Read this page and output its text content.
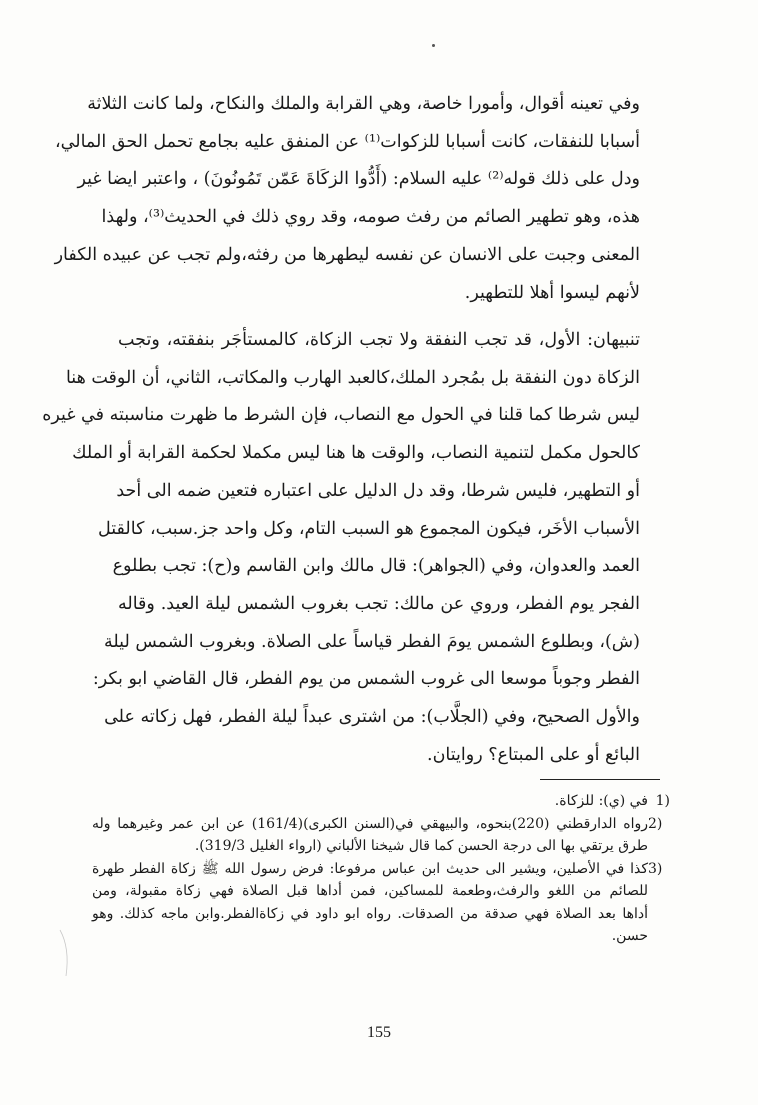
وفي تعينه أقوال، وأمورا خاصة، وهي القرابة والملك والنكاح، ولما كانت الثلاثة
أسبابا للنفقات، كانت أسبابا للزكوات⁽¹⁾ عن المنفق عليه بجامع تحمل الحق المالي،
ودل على ذلك قوله⁽²⁾ عليه السلام: (أَدُّوا الزكَاةَ عَمّن تَمُونُونَ) ، واعتبر ايضا غير
هذه، وهو تطهير الصائم من رفث صومه، وقد روي ذلك في الحديث⁽³⁾، ولهذا
المعنى وجبت على الانسان عن نفسه ليطهرها من رفثه،ولم تجب عن عبيده الكفار
لأنهم ليسوا أهلا للتطهير.
تنبيهان: الأول، قد تجب النفقة ولا تجب الزكاة، كالمستأجَر بنفقته، وتجب
الزكاة دون النفقة بل بمُجرد الملك،كالعبد الهارب والمكاتب، الثاني، أن الوقت هنا
ليس شرطا كما قلنا في الحول مع النصاب، فإن الشرط ما ظهرت مناسبته في غيره
كالحول مكمل لتنمية النصاب، والوقت ها هنا ليس مكملا لحكمة القرابة أو الملك
أو التطهير، فليس شرطا، وقد دل الدليل على اعتباره فتعين ضمه الى أحد
الأسباب الأخَر، فيكون المجموع هو السبب التام، وكل واحد جز.سبب، كالقتل
العمد والعدوان، وفي (الجواهر): قال مالك وابن القاسم و(ح): تجب بطلوع
الفجر يوم الفطر، وروي عن مالك: تجب بغروب الشمس ليلة العيد. وقاله
(ش)، وبطلوع الشمس يومَ الفطر قياساً على الصلاة. وبغروب الشمس ليلة
الفطر وجوباً موسعا الى غروب الشمس من يوم الفطر، قال القاضي ابو بكر:
والأول الصحيح، وفي (الجلَّاب): من اشترى عبداً ليلة الفطر، فهل زكاته على
البائع أو على المبتاع؟ روايتان.
1)في (ي): للزكاة.
2)رواه الدارقطني (220)بنحوه، والبيهقي في(السنن الكبرى)(161/4) عن ابن عمر وغيرهما وله
طرق يرتقي بها الى درجة الحسن كما قال شيخنا الألباني (ارواء الغليل 319/3).
3)كذا في الأصلين، ويشير الى حديث ابن عباس مرفوعا: فرض رسول الله ﷺ زكاة الفطر طهرة
للصائم من اللغو والرفث،وطعمة للمساكين، فمن أداها قبل الصلاة فهي زكاة مقبولة، ومن
أداها بعد الصلاة فهي صدقة من الصدقات. رواه ابو داود في زكاةالفطر.وابن ماجه كذلك. وهو
حسن.
155
